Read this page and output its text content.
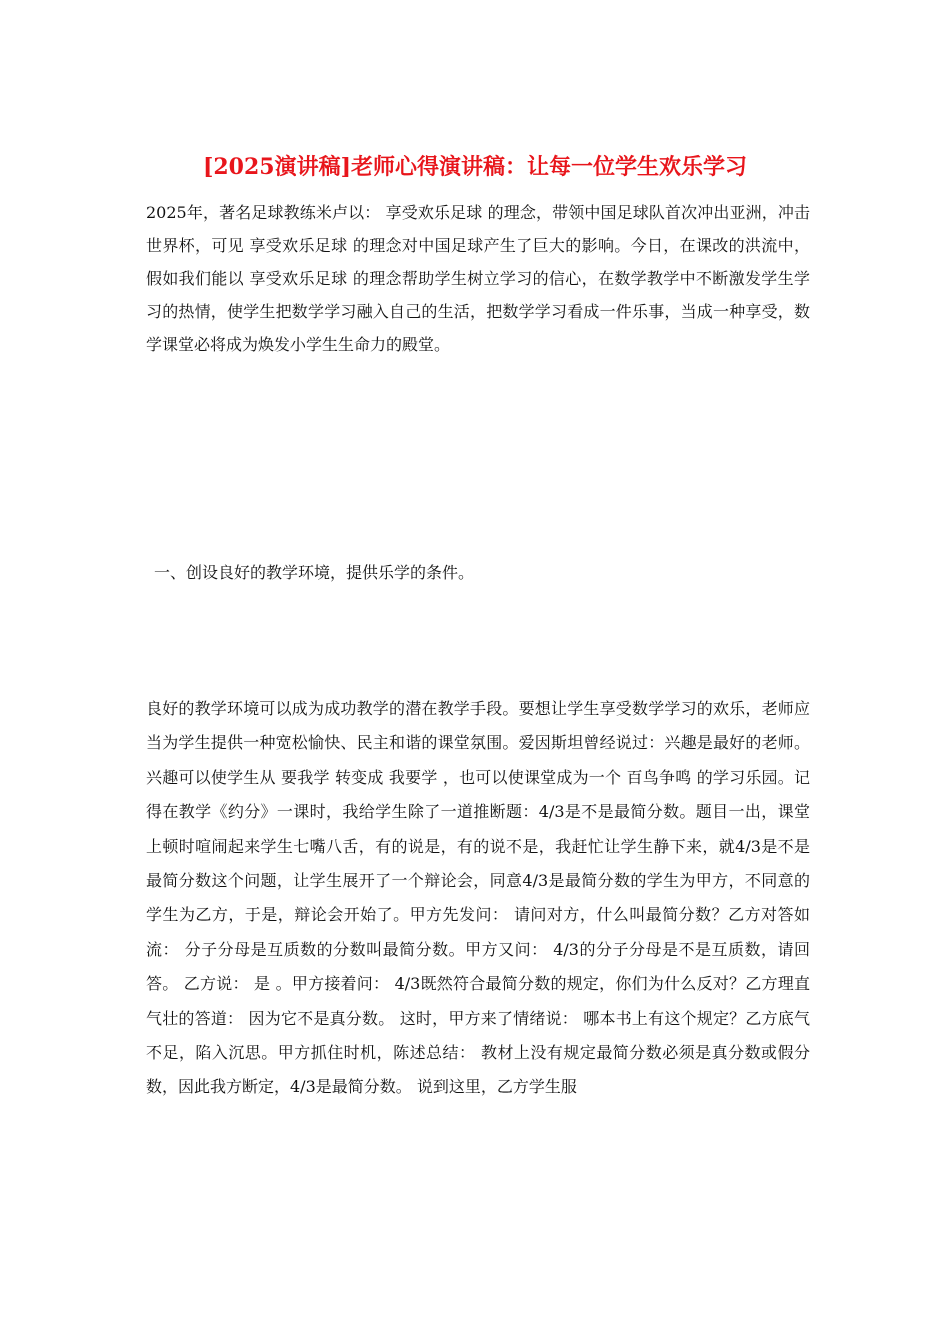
[2025演讲稿]老师心得演讲稿：让每一位学生欢乐学习

2025年，著名足球教练米卢以： 享受欢乐足球 的理念，带领中国足球队首次冲出亚洲，冲击世界杯，可见 享受欢乐足球 的理念对中国足球产生了巨大的影响。今日，在课改的洪流中，假如我们能以 享受欢乐足球 的理念帮助学生树立学习的信心，在数学教学中不断激发学生学习的热情，使学生把数学学习融入自己的生活，把数学学习看成一件乐事，当成一种享受，数学课堂必将成为焕发小学生生命力的殿堂。

一、创设良好的教学环境，提供乐学的条件。

良好的教学环境可以成为成功教学的潜在教学手段。要想让学生享受数学学习的欢乐，老师应当为学生提供一种宽松愉快、民主和谐的课堂氛围。爱因斯坦曾经说过：兴趣是最好的老师。兴趣可以使学生从 要我学 转变成 我要学 ，也可以使课堂成为一个 百鸟争鸣 的学习乐园。记得在教学《约分》一课时，我给学生除了一道推断题：4/3是不是最简分数。题目一出，课堂上顿时喧闹起来学生七嘴八舌，有的说是，有的说不是，我赶忙让学生静下来，就4/3是不是最简分数这个问题，让学生展开了一个辩论会，同意4/3是最简分数的学生为甲方，不同意的学生为乙方，于是，辩论会开始了。甲方先发问： 请问对方，什么叫最简分数？乙方对答如流： 分子分母是互质数的分数叫最简分数。甲方又问： 4/3的分子分母是不是互质数，请回答。 乙方说： 是 。甲方接着问： 4/3既然符合最简分数的规定，你们为什么反对？乙方理直气壮的答道： 因为它不是真分数。 这时，甲方来了情绪说： 哪本书上有这个规定？乙方底气不足，陷入沉思。甲方抓住时机，陈述总结： 教材上没有规定最简分数必须是真分数或假分数，因此我方断定，4/3是最简分数。 说到这里，乙方学生服
